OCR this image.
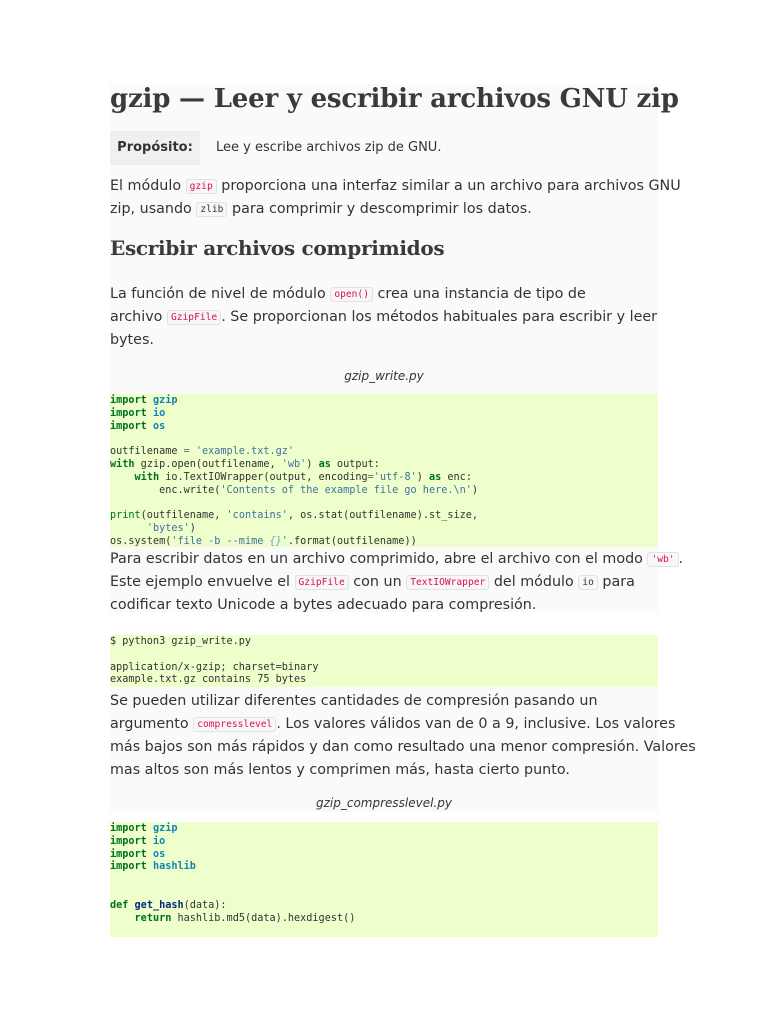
gzip — Leer y escribir archivos GNU zip
Propósito:	Lee y escribe archivos zip de GNU.

El módulo gzip proporciona una interfaz similar a un archivo para archivos GNU
zip, usando zlib para comprimir y descomprimir los datos.

Escribir archivos comprimidos

La función de nivel de módulo open() crea una instancia de tipo de
archivo GzipFile . Se proporcionan los métodos habituales para escribir y leer
bytes.

gzip_write.py
import gzip
import io
import os

outfilename = 'example.txt.gz'
with gzip.open(outfilename, 'wb') as output:
with io.TextIOWrapper(output, encoding='utf-8') as enc:
enc.write('Contents of the example file go here.\n')

print(outfilename, 'contains', os.stat(outfilename).st_size,
'bytes')
os.system('file -b --mime {}'.format(outfilename))

Para escribir datos en un archivo comprimido, abre el archivo con el modo 'wb' .
Este ejemplo envuelve el GzipFile con un TextIOWrapper del módulo io para
codificar texto Unicode a bytes adecuado para compresión.

$ python3 gzip_write.py

application/x-gzip; charset=binary
example.txt.gz contains 75 bytes

Se pueden utilizar diferentes cantidades de compresión pasando un
argumento compresslevel . Los valores válidos van de 0 a 9, inclusive. Los valores
más bajos son más rápidos y dan como resultado una menor compresión. Valores
mas altos son más lentos y comprimen más, hasta cierto punto.

gzip_compresslevel.py
import gzip
import io
import os
import hashlib

def get_hash(data):
return hashlib.md5(data).hexdigest()
